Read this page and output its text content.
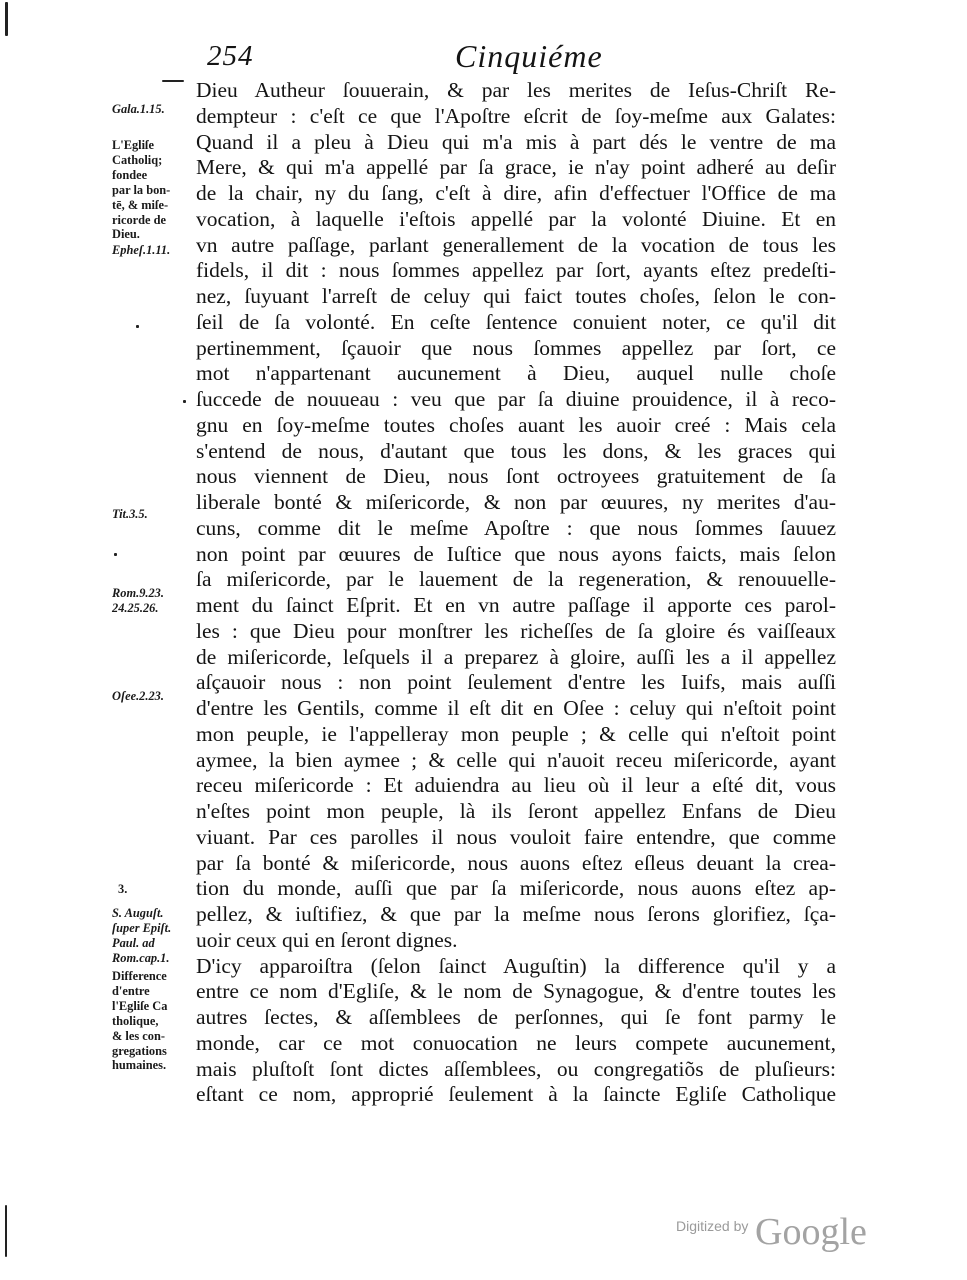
254	Cinquiéme
Dieu Autheur ſouuerain, & par les merites de Ieſus-Chriſt Re-
dempteur : c'eſt ce que l'Apoſtre eſcrit de ſoy-meſme aux Galates:
Quand il a pleu à Dieu qui m'a mis à part dés le ventre de ma
Mere, & qui m'a appellé par ſa grace, ie n'ay point adheré au deſir
de la chair, ny du ſang, c'eſt à dire, afin d'effectuer l'Office de ma
vocation, à laquelle i'eſtois appellé par la volonté Diuine. Et en
vn autre paſſage, parlant generallement de la vocation de tous les
fidels, il dit : nous ſommes appellez par ſort, ayants eſtez predeſti-
nez, ſuyuant l'arreſt de celuy qui faict toutes choſes, ſelon le con-
ſeil de ſa volonté. En ceſte ſentence conuient noter, ce qu'il dit
pertinemment, ſçauoir que nous ſommes appellez par ſort, ce
mot n'appartenant aucunement à Dieu, auquel nulle choſe
ſuccede de nouueau : veu que par ſa diuine prouidence, il à reco-
gnu en ſoy-meſme toutes choſes auant les auoir creé : Mais cela
s'entend de nous, d'autant que tous les dons, & les graces qui
nous viennent de Dieu, nous ſont octroyees gratuitement de ſa
liberale bonté & miſericorde, & non par œuures, ny merites d'au-
cuns, comme dit le meſme Apoſtre : que nous ſommes ſauuez
non point par œuures de Iuſtice que nous ayons faicts, mais ſelon
ſa miſericorde, par le lauement de la regeneration, & renouuelle-
ment du ſainct Eſprit. Et en vn autre paſſage il apporte ces parol-
les : que Dieu pour monſtrer les richeſſes de ſa gloire és vaiſſeaux
de miſericorde, leſquels il a preparez à gloire, auſſi les a il appellez
aſçauoir nous : non point ſeulement d'entre les Iuifs, mais auſſi
d'entre les Gentils, comme il eſt dit en Oſee : celuy qui n'eſtoit point
mon peuple, ie l'appelleray mon peuple ; & celle qui n'eſtoit point
aymee, la bien aymee ; & celle qui n'auoit receu miſericorde, ayant
receu miſericorde : Et aduiendra au lieu où il leur a eſté dit, vous
n'eſtes point mon peuple, là ils ſeront appellez Enfans de Dieu
viuant. Par ces parolles il nous vouloit faire entendre, que comme
par ſa bonté & miſericorde, nous auons eſtez eſleus deuant la crea-
tion du monde, auſſi que par ſa miſericorde, nous auons eſtez ap-
pellez, & iuſtifiez, & que par la meſme nous ſerons glorifiez, ſça-
uoir ceux qui en ſeront dignes.
D'icy apparoiſtra (ſelon ſainct Auguſtin) la difference qu'il y a
entre ce nom d'Egliſe, & le nom de Synagogue, & d'entre toutes les
autres ſectes, & aſſemblees de perſonnes, qui ſe font parmy le
monde, car ce mot conuocation ne leurs compete aucunement,
mais pluſtoſt ſont dictes aſſemblees, ou congregatiõs de pluſieurs:
eſtant ce nom, approprié ſeulement à la ſaincte Egliſe Catholique
Gala.1.15.
L'Egliſe
Catholiq;
fondee
par la bon-
tē, & miſe-
ricorde de
Dieu.
Epheſ.1.11.
Tit.3.5.
Rom.9.23.
24.25.26.
Oſee.2.23.
3.
S. Auguſt.
ſuper Epiſt.
Paul. ad
Rom.cap.1.
Difference
d'entre
l'Egliſe Ca
tholique,
& les con-
gregations
humaines.
Digitized by Google
